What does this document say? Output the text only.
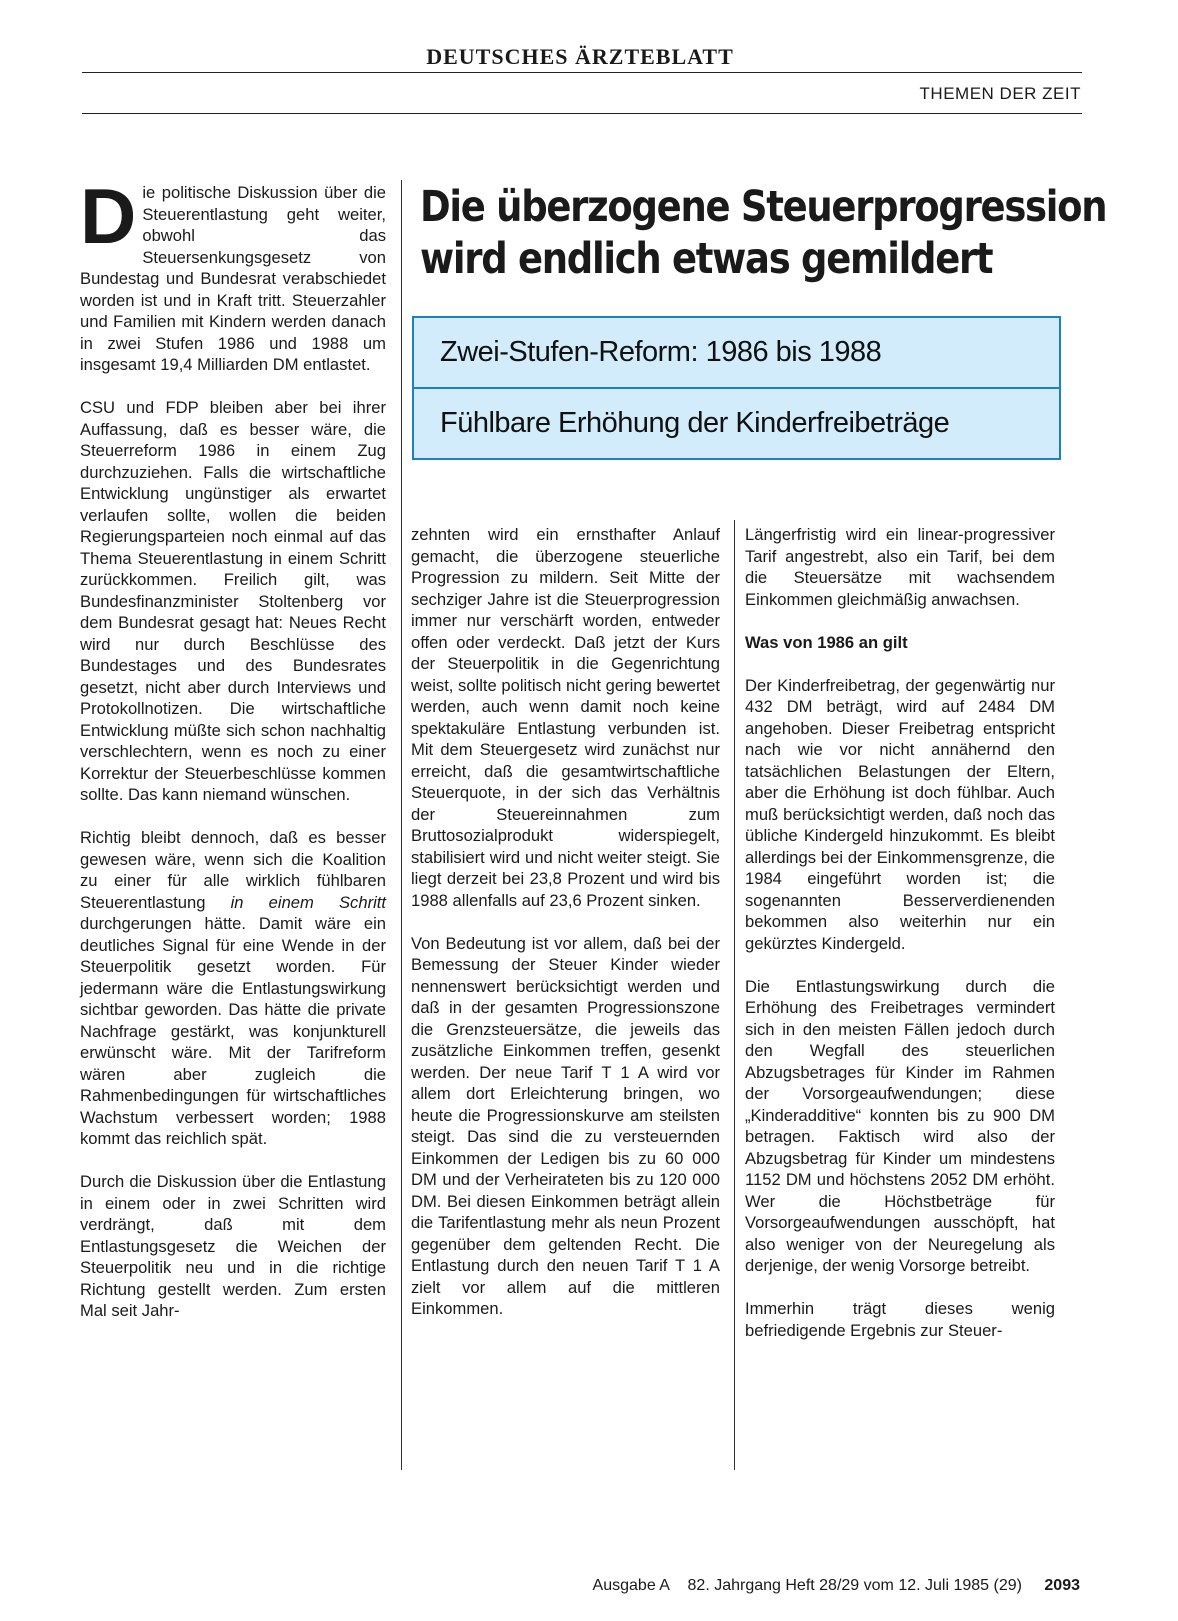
DEUTSCHES ÄRZTEBLATT
THEMEN DER ZEIT
Die überzogene Steuerprogression
wird endlich etwas gemildert
Zwei-Stufen-Reform: 1986 bis 1988
Fühlbare Erhöhung der Kinderfreibeträge

Die politische Diskussion über die Steuerentlastung geht weiter, obwohl das Steuersenkungsgesetz von Bundestag und Bundesrat verabschiedet worden ist und in Kraft tritt. Steuerzahler und Familien mit Kindern werden danach in zwei Stufen 1986 und 1988 um insgesamt 19,4 Milliarden DM entlastet.

CSU und FDP bleiben aber bei ihrer Auffassung, daß es besser wäre, die Steuerreform 1986 in einem Zug durchzuziehen. Falls die wirtschaftliche Entwicklung ungünstiger als erwartet verlaufen sollte, wollen die beiden Regierungsparteien noch einmal auf das Thema Steuerentlastung in einem Schritt zurückkommen. Freilich gilt, was Bundesfinanzminister Stoltenberg vor dem Bundesrat gesagt hat: Neues Recht wird nur durch Beschlüsse des Bundestages und des Bundesrates gesetzt, nicht aber durch Interviews und Protokollnotizen. Die wirtschaftliche Entwicklung müßte sich schon nachhaltig verschlechtern, wenn es noch zu einer Korrektur der Steuerbeschlüsse kommen sollte. Das kann niemand wünschen.

Richtig bleibt dennoch, daß es besser gewesen wäre, wenn sich die Koalition zu einer für alle wirklich fühlbaren Steuerentlastung in einem Schritt durchgerungen hätte. Damit wäre ein deutliches Signal für eine Wende in der Steuerpolitik gesetzt worden. Für jedermann wäre die Entlastungswirkung sichtbar geworden. Das hätte die private Nachfrage gestärkt, was konjunkturell erwünscht wäre. Mit der Tarifreform wären aber zugleich die Rahmenbedingungen für wirtschaftliches Wachstum verbessert worden; 1988 kommt das reichlich spät.

Durch die Diskussion über die Entlastung in einem oder in zwei Schritten wird verdrängt, daß mit dem Entlastungsgesetz die Weichen der Steuerpolitik neu und in die richtige Richtung gestellt werden. Zum ersten Mal seit Jahr-

zehnten wird ein ernsthafter Anlauf gemacht, die überzogene steuerliche Progression zu mildern. Seit Mitte der sechziger Jahre ist die Steuerprogression immer nur verschärft worden, entweder offen oder verdeckt. Daß jetzt der Kurs der Steuerpolitik in die Gegenrichtung weist, sollte politisch nicht gering bewertet werden, auch wenn damit noch keine spektakuläre Entlastung verbunden ist. Mit dem Steuergesetz wird zunächst nur erreicht, daß die gesamtwirtschaftliche Steuerquote, in der sich das Verhältnis der Steuereinnahmen zum Bruttosozialprodukt widerspiegelt, stabilisiert wird und nicht weiter steigt. Sie liegt derzeit bei 23,8 Prozent und wird bis 1988 allenfalls auf 23,6 Prozent sinken.

Von Bedeutung ist vor allem, daß bei der Bemessung der Steuer Kinder wieder nennenswert berücksichtigt werden und daß in der gesamten Progressionszone die Grenzsteuersätze, die jeweils das zusätzliche Einkommen treffen, gesenkt werden. Der neue Tarif T 1 A wird vor allem dort Erleichterung bringen, wo heute die Progressionskurve am steilsten steigt. Das sind die zu versteuernden Einkommen der Ledigen bis zu 60 000 DM und der Verheirateten bis zu 120 000 DM. Bei diesen Einkommen beträgt allein die Tarifentlastung mehr als neun Prozent gegenüber dem geltenden Recht. Die Entlastung durch den neuen Tarif T 1 A zielt vor allem auf die mittleren Einkommen.

Längerfristig wird ein linear-progressiver Tarif angestrebt, also ein Tarif, bei dem die Steuersätze mit wachsendem Einkommen gleichmäßig anwachsen.

Was von 1986 an gilt

Der Kinderfreibetrag, der gegenwärtig nur 432 DM beträgt, wird auf 2484 DM angehoben. Dieser Freibetrag entspricht nach wie vor nicht annähernd den tatsächlichen Belastungen der Eltern, aber die Erhöhung ist doch fühlbar. Auch muß berücksichtigt werden, daß noch das übliche Kindergeld hinzukommt. Es bleibt allerdings bei der Einkommensgrenze, die 1984 eingeführt worden ist; die sogenannten Besserverdienenden bekommen also weiterhin nur ein gekürztes Kindergeld.

Die Entlastungswirkung durch die Erhöhung des Freibetrages vermindert sich in den meisten Fällen jedoch durch den Wegfall des steuerlichen Abzugsbetrages für Kinder im Rahmen der Vorsorgeaufwendungen; diese „Kinderadditive“ konnten bis zu 900 DM betragen. Faktisch wird also der Abzugsbetrag für Kinder um mindestens 1152 DM und höchstens 2052 DM erhöht. Wer die Höchstbeträge für Vorsorgeaufwendungen ausschöpft, hat also weniger von der Neuregelung als derjenige, der wenig Vorsorge betreibt.

Immerhin trägt dieses wenig befriedigende Ergebnis zur Steuer-

Ausgabe A 82. Jahrgang Heft 28/29 vom 12. Juli 1985 (29) 2093
